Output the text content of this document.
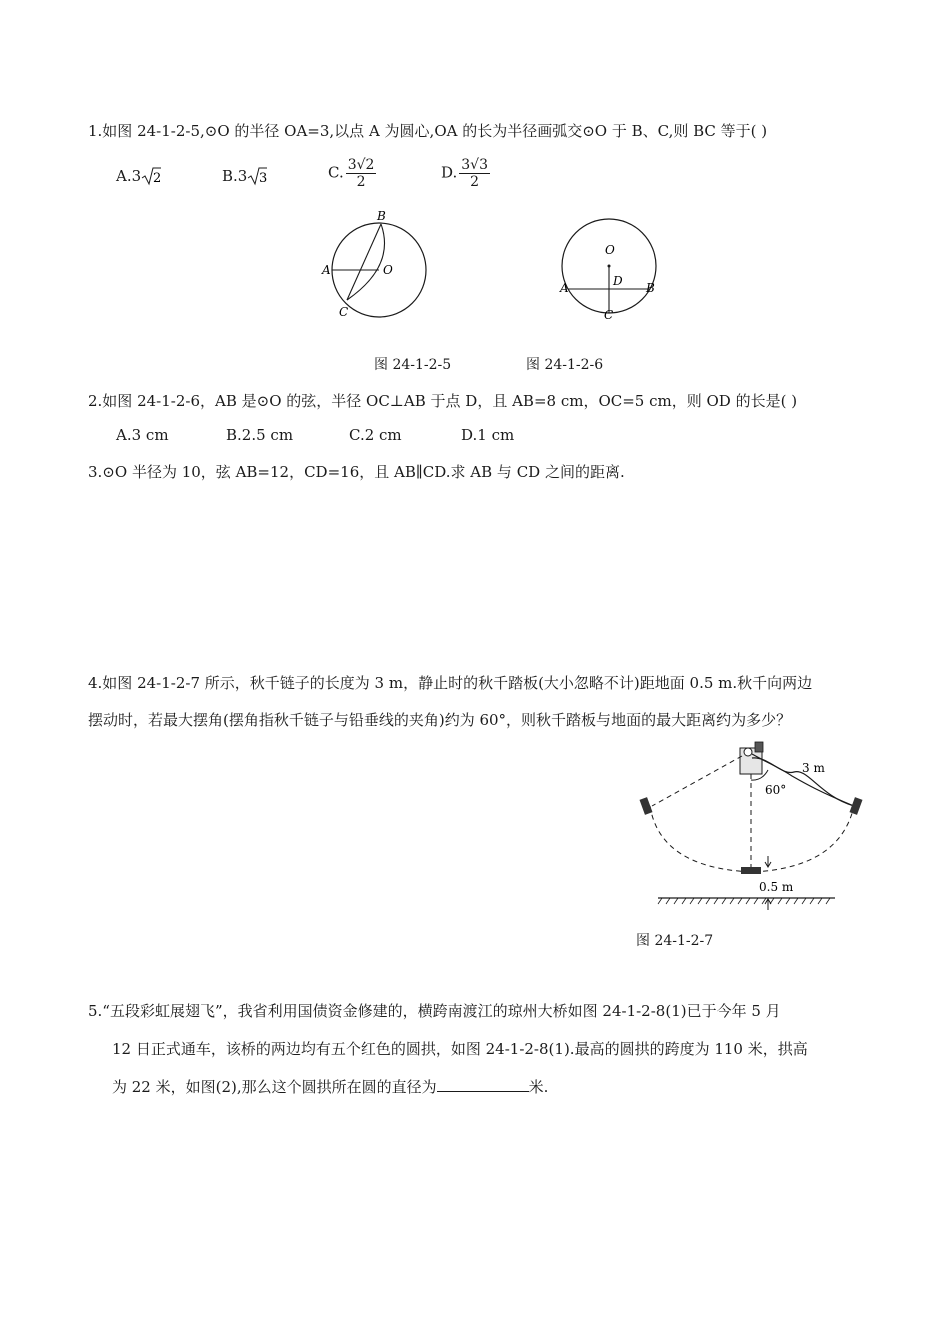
1.如图 24-1-2-5,⊙O 的半径 OA=3,以点 A 为圆心,OA 的长为半径画弧交⊙O 于 B、C,则 BC 等于( )
A.3 2	B.3 3	C. $\frac{3√2}{2}$	D. $\frac{3√3}{2}$
B
A	O
C
O
D
A	B
C
图 24-1-2-5	图 24-1-2-6
2.如图 24-1-2-6，AB 是⊙O 的弦，半径 OC⊥AB 于点 D，且 AB=8 cm，OC=5 cm，则 OD 的长是( )
A.3 cm	B.2.5 cm	C.2 cm	D.1 cm
3.⊙O 半径为 10，弦 AB=12，CD=16，且 AB∥CD.求 AB 与 CD 之间的距离.
4.如图 24-1-2-7 所示，秋千链子的长度为 3 m，静止时的秋千踏板(大小忽略不计)距地面 0.5 m.秋千向两边
摆动时，若最大摆角(摆角指秋千链子与铅垂线的夹角)约为 60°，则秋千踏板与地面的最大距离约为多少？
60°
3 m
0.5 m
图 24-1-2-7
5.“五段彩虹展翅飞”，我省利用国债资金修建的，横跨南渡江的琼州大桥如图 24-1-2-8(1)已于今年 5 月
12 日正式通车，该桥的两边均有五个红色的圆拱，如图 24-1-2-8(1).最高的圆拱的跨度为 110 米，拱高
为 22 米，如图(2),那么这个圆拱所在圆的直径为	米.
